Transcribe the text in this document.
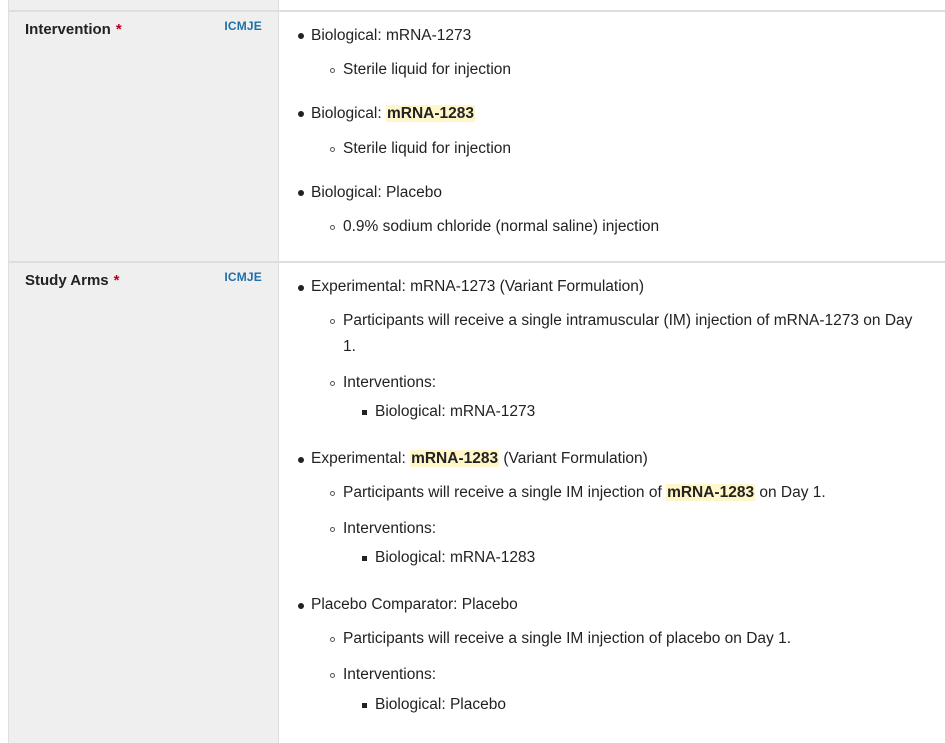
Intervention *	ICMJE
Biological: mRNA-1273
Sterile liquid for injection
Biological: mRNA-1283
Sterile liquid for injection
Biological: Placebo
0.9% sodium chloride (normal saline) injection
Study Arms *	ICMJE
Experimental: mRNA-1273 (Variant Formulation)
Participants will receive a single intramuscular (IM) injection of mRNA-1273 on Day 1.
Interventions:
Biological: mRNA-1273
Experimental: mRNA-1283 (Variant Formulation)
Participants will receive a single IM injection of mRNA-1283 on Day 1.
Interventions:
Biological: mRNA-1283
Placebo Comparator: Placebo
Participants will receive a single IM injection of placebo on Day 1.
Interventions:
Biological: Placebo
